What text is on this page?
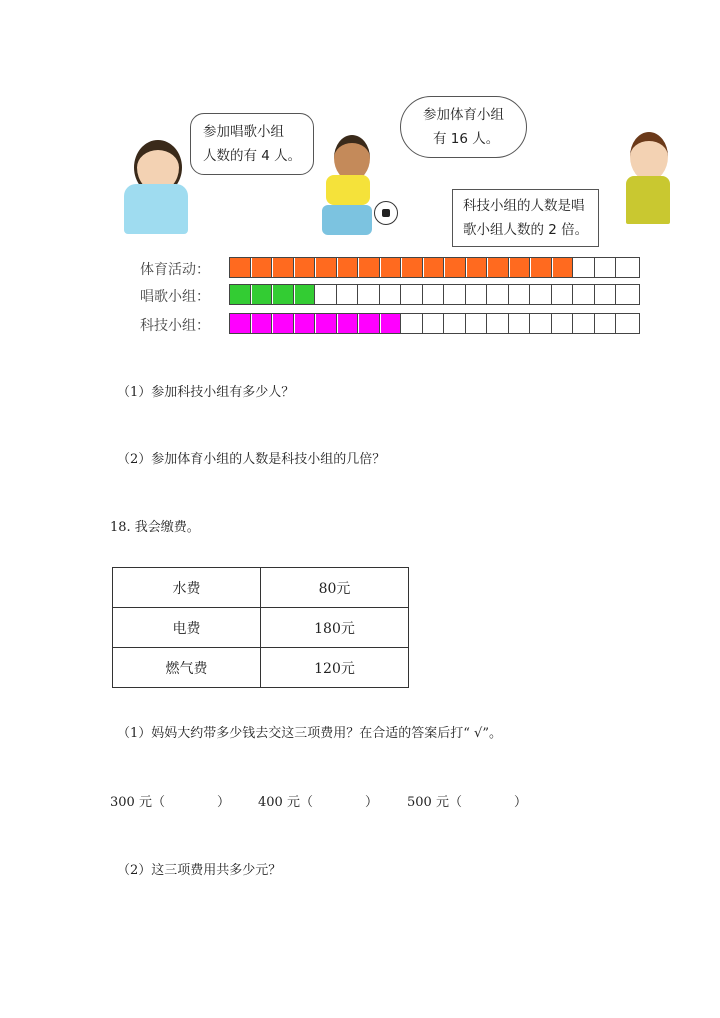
参加唱歌小组
人数的有 4 人。
参加体育小组
有 16 人。
科技小组的人数是唱
歌小组人数的 2 倍。
体育活动：
唱歌小组：
科技小组：
（1）参加科技小组有多少人？
（2）参加体育小组的人数是科技小组的几倍？
18. 我会缴费。
水费	80元
电费	180元
燃气费	120元
（1）妈妈大约带多少钱去交这三项费用？在合适的答案后打“ √”。
300 元（　　　　） 400 元（　　　　） 500 元（　　　　）
（2）这三项费用共多少元？
